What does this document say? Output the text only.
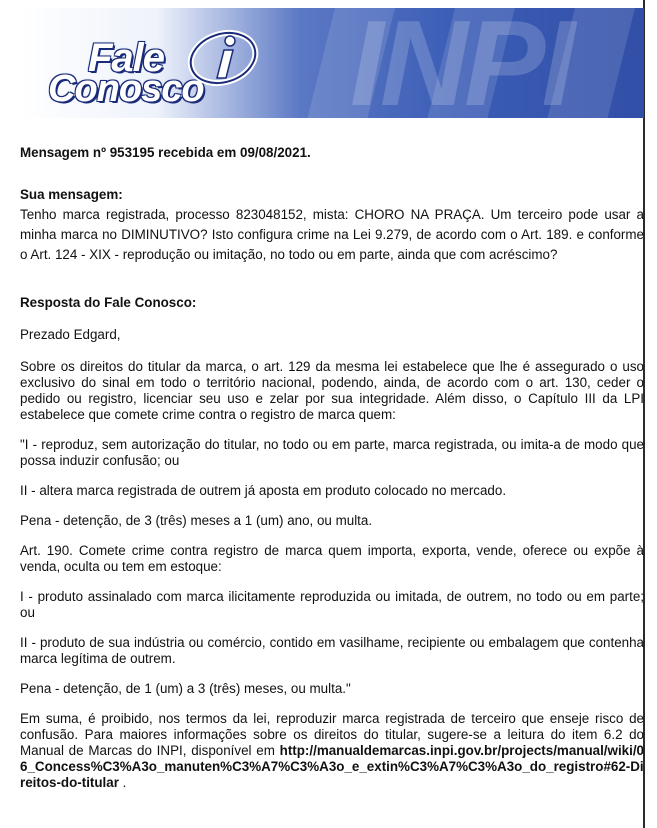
INPI
Fale
Conosco

Mensagem nº 953195 recebida em 09/08/2021.

Sua mensagem:

Tenho marca registrada, processo 823048152, mista: CHORO NA PRAÇA. Um terceiro pode usar a minha marca no DIMINUTIVO? Isto configura crime na Lei 9.279, de acordo com o Art. 189. e conforme o Art. 124 - XIX - reprodução ou imitação, no todo ou em parte, ainda que com acréscimo?

Resposta do Fale Conosco:

Prezado Edgard,

Sobre os direitos do titular da marca, o art. 129 da mesma lei estabelece que lhe é assegurado o uso exclusivo do sinal em todo o território nacional, podendo, ainda, de acordo com o art. 130, ceder o pedido ou registro, licenciar seu uso e zelar por sua integridade. Além disso, o Capítulo III da LPI estabelece que comete crime contra o registro de marca quem:

"I - reproduz, sem autorização do titular, no todo ou em parte, marca registrada, ou imita-a de modo que possa induzir confusão; ou

II - altera marca registrada de outrem já aposta em produto colocado no mercado.

Pena - detenção, de 3 (três) meses a 1 (um) ano, ou multa.

Art. 190. Comete crime contra registro de marca quem importa, exporta, vende, oferece ou expõe à venda, oculta ou tem em estoque:

I - produto assinalado com marca ilicitamente reproduzida ou imitada, de outrem, no todo ou em parte; ou

II - produto de sua indústria ou comércio, contido em vasilhame, recipiente ou embalagem que contenha marca legítima de outrem.

Pena - detenção, de 1 (um) a 3 (três) meses, ou multa."

Em suma, é proibido, nos termos da lei, reproduzir marca registrada de terceiro que enseje risco de confusão. Para maiores informações sobre os direitos do titular, sugere-se a leitura do item 6.2 do Manual de Marcas do INPI, disponível em http://manualdemarcas.inpi.gov.br/projects/manual/wiki/06_Concess%C3%A3o_manuten%C3%A7%C3%A3o_e_extin%C3%A7%C3%A3o_do_registro#62-Direitos-do-titular .
